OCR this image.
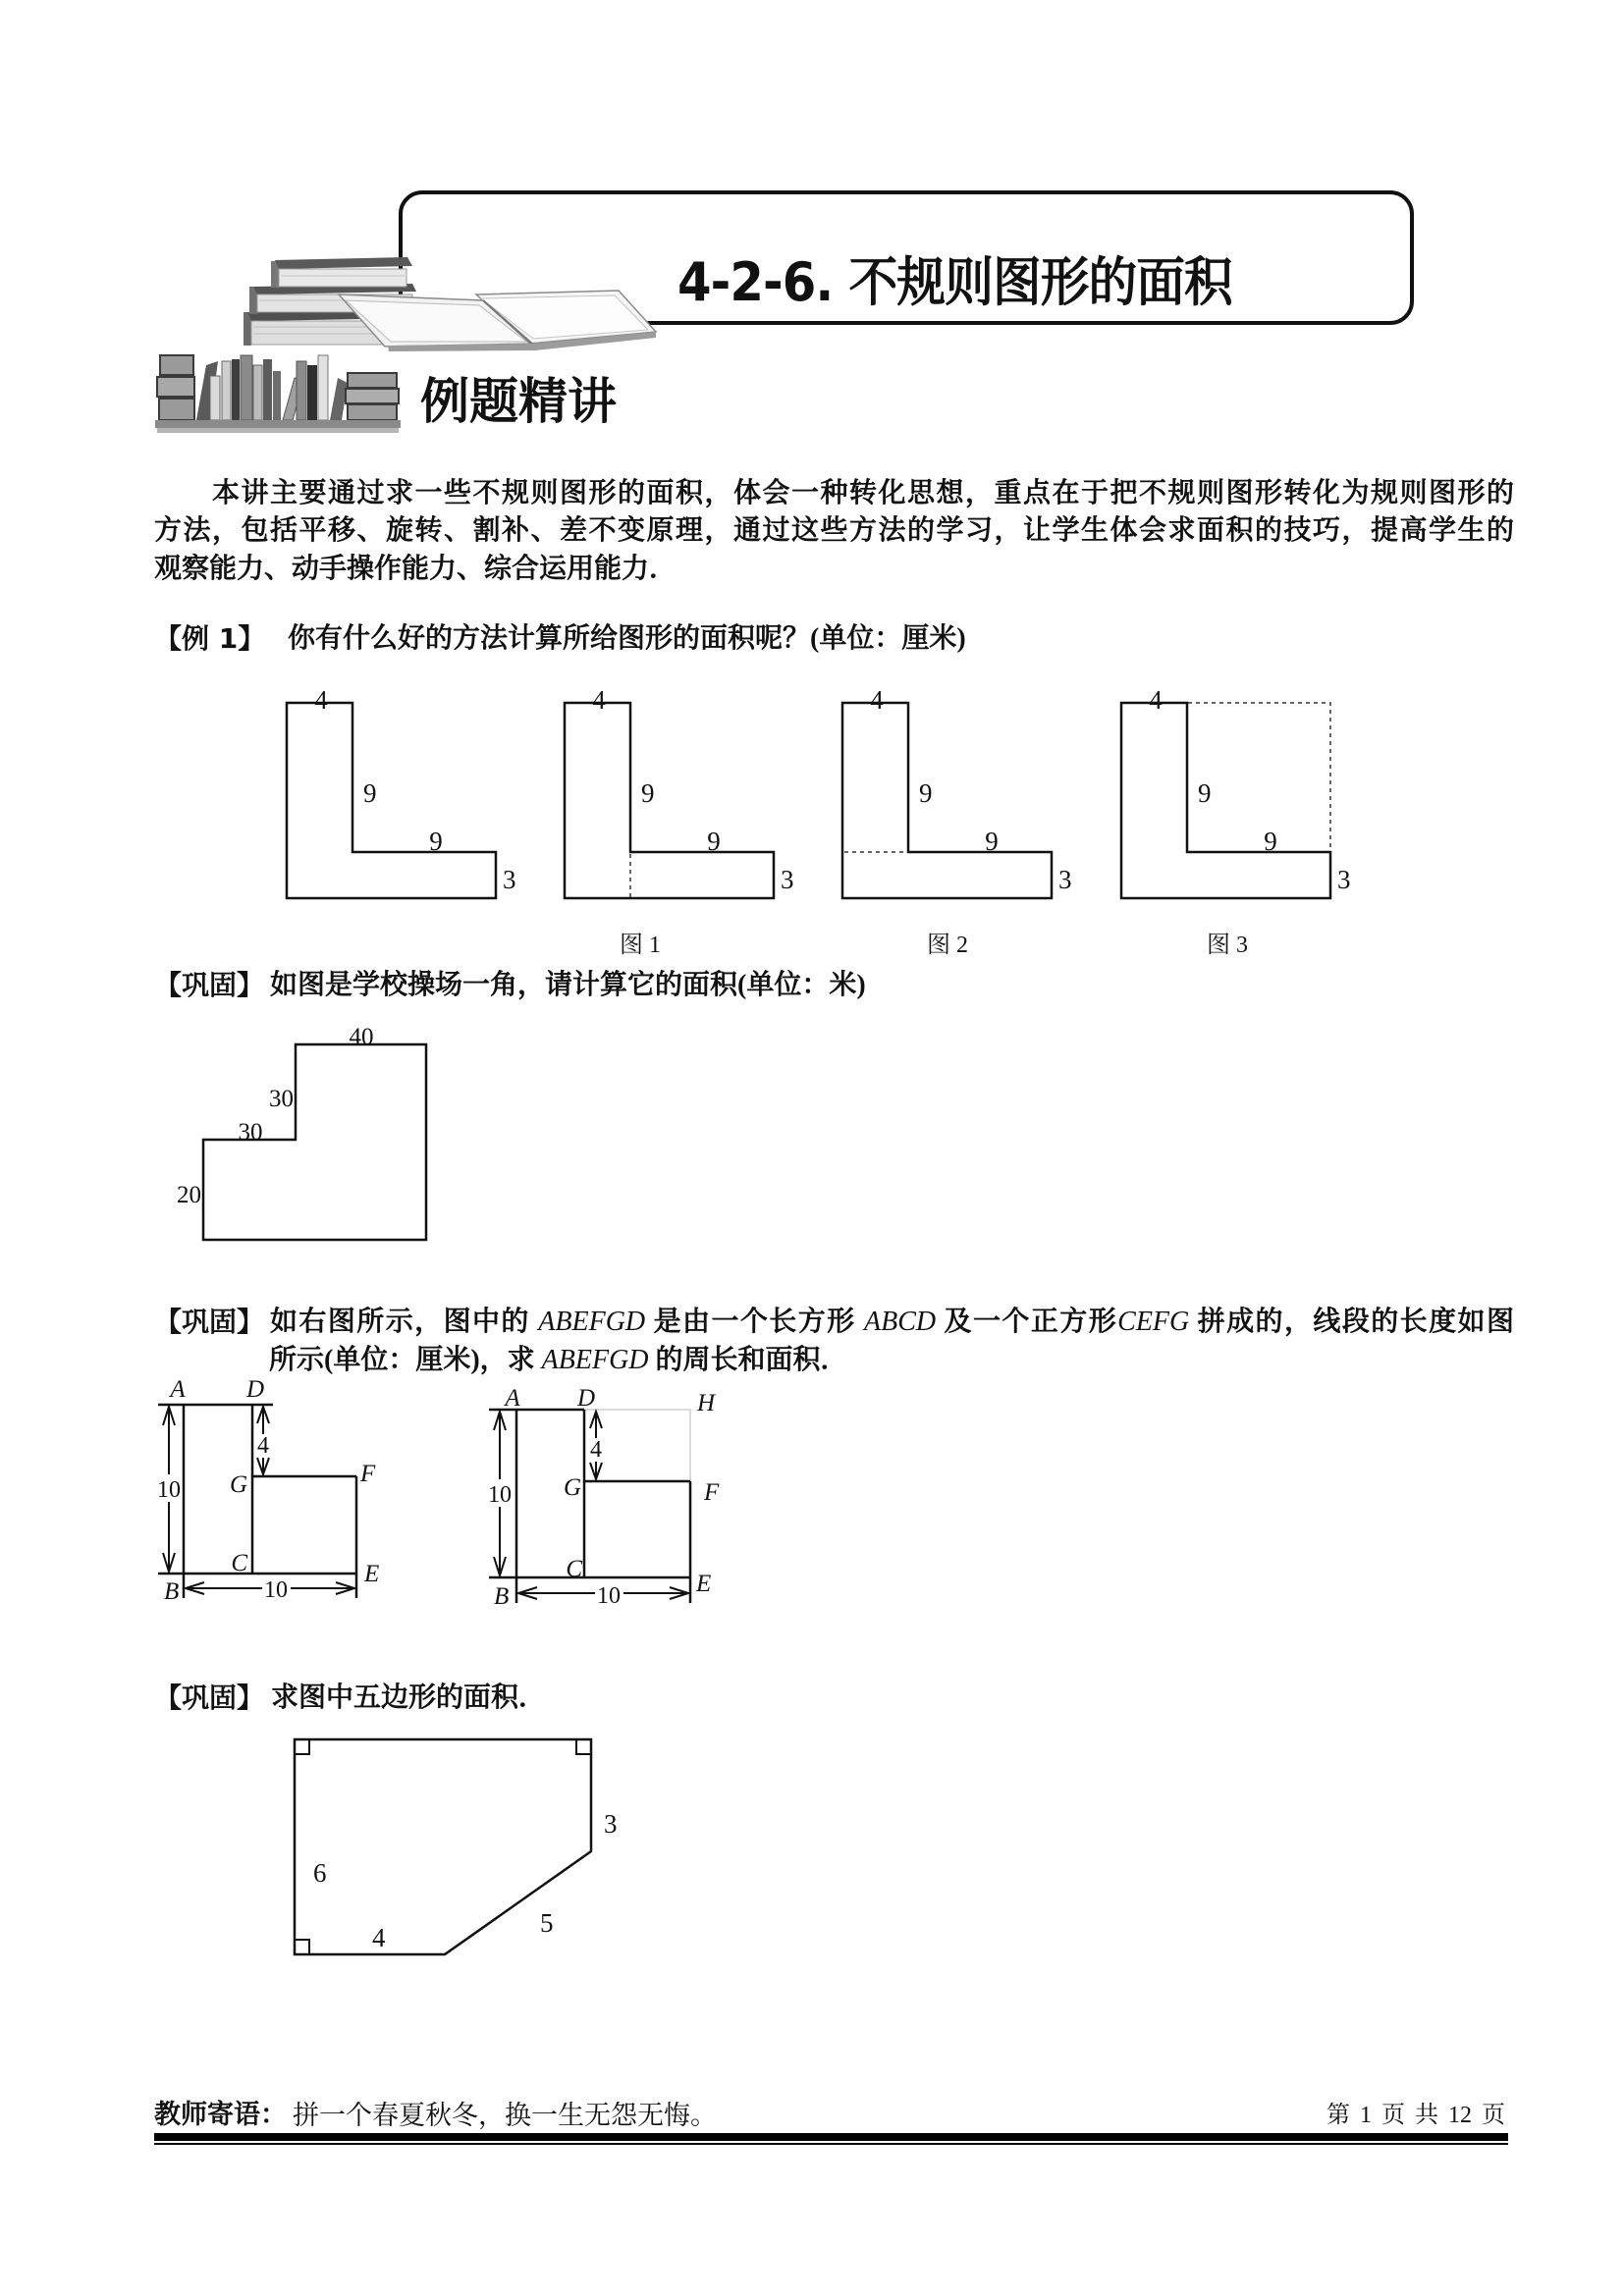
4-2-6. 不规则图形的面积
例题精讲
本讲主要通过求一些不规则图形的面积，体会一种转化思想，重点在于把不规则图形转化为规则图形的
方法，包括平移、旋转、割补、差不变原理，通过这些方法的学习，让学生体会求面积的技巧，提高学生的
观察能力、动手操作能力、综合运用能力．
【例 1】 你有什么好的方法计算所给图形的面积呢？(单位：厘米)
4
9
9
3
4
9
9
3
图 1
4
9
9
3
图 2
4
9
9
3
图 3
【巩固】 如图是学校操场一角，请计算它的面积(单位：米)
40
30
30
20
【巩固】 如右图所示，图中的 ABEFGD 是由一个长方形 ABCD 及一个正方形CEFG 拼成的，线段的长度如图
所示(单位：厘米)，求 ABEFGD 的周长和面积．
10
4
10
A D
G	F
C	E
B
10
4
10
A D	H
G	F
C
E
B
【巩固】 求图中五边形的面积．
6
4	5
3
教师寄语： 拼一个春夏秋冬，换一生无怨无悔。	第 1 页 共 12 页
